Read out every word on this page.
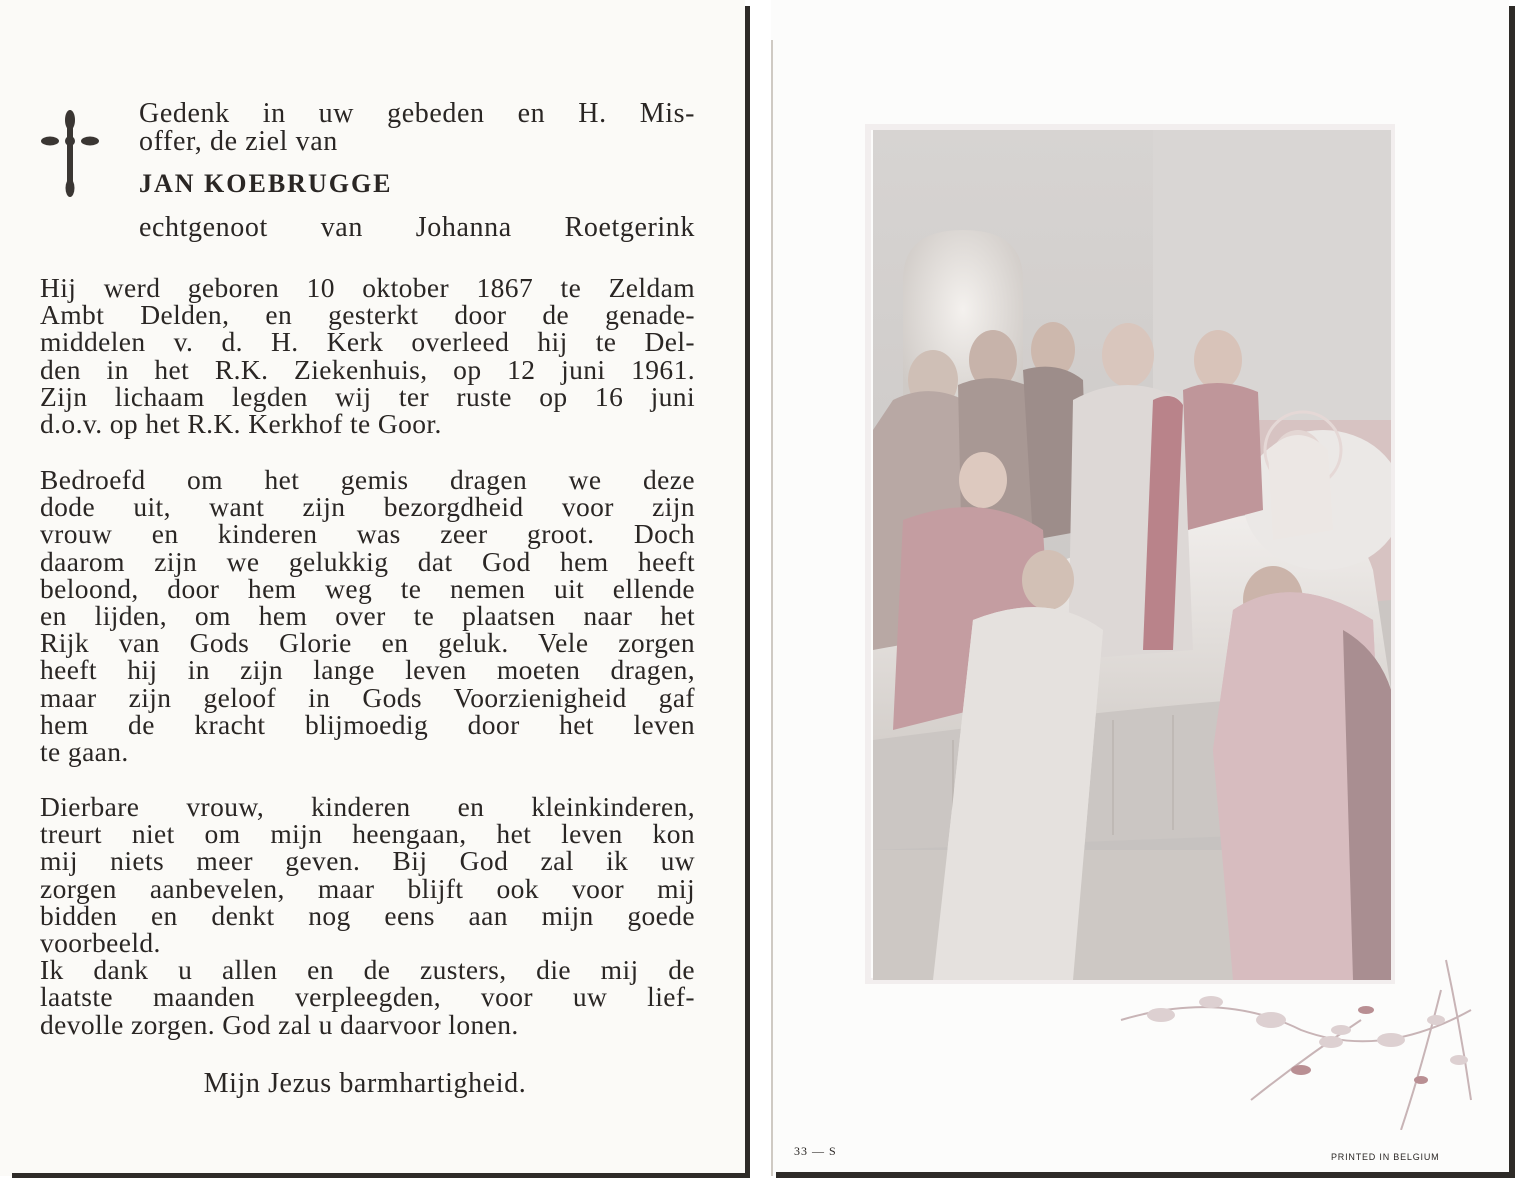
Gedenk in uw gebeden en H. Mis-
offer, de ziel van
JAN KOEBRUGGE
echtgenoot van Johanna Roetgerink
Hij werd geboren 10 oktober 1867 te Zeldam
Ambt Delden, en gesterkt door de genade-
middelen v. d. H. Kerk overleed hij te Del-
den in het R.K. Ziekenhuis, op 12 juni 1961.
Zijn lichaam legden wij ter ruste op 16 juni
d.o.v. op het R.K. Kerkhof te Goor.
Bedroefd om het gemis dragen we deze
dode uit, want zijn bezorgdheid voor zijn
vrouw en kinderen was zeer groot. Doch
daarom zijn we gelukkig dat God hem heeft
beloond, door hem weg te nemen uit ellende
en lijden, om hem over te plaatsen naar het
Rijk van Gods Glorie en geluk. Vele zorgen
heeft hij in zijn lange leven moeten dragen,
maar zijn geloof in Gods Voorzienigheid gaf
hem de kracht blijmoedig door het leven
te gaan.
Dierbare vrouw, kinderen en kleinkinderen,
treurt niet om mijn heengaan, het leven kon
mij niets meer geven. Bij God zal ik uw
zorgen aanbevelen, maar blijft ook voor mij
bidden en denkt nog eens aan mijn goede
voorbeeld.
Ik dank u allen en de zusters, die mij de
laatste maanden verpleegden, voor uw lief-
devolle zorgen. God zal u daarvoor lonen.
Mijn Jezus barmhartigheid.
33 — S	PRINTED IN BELGIUM
